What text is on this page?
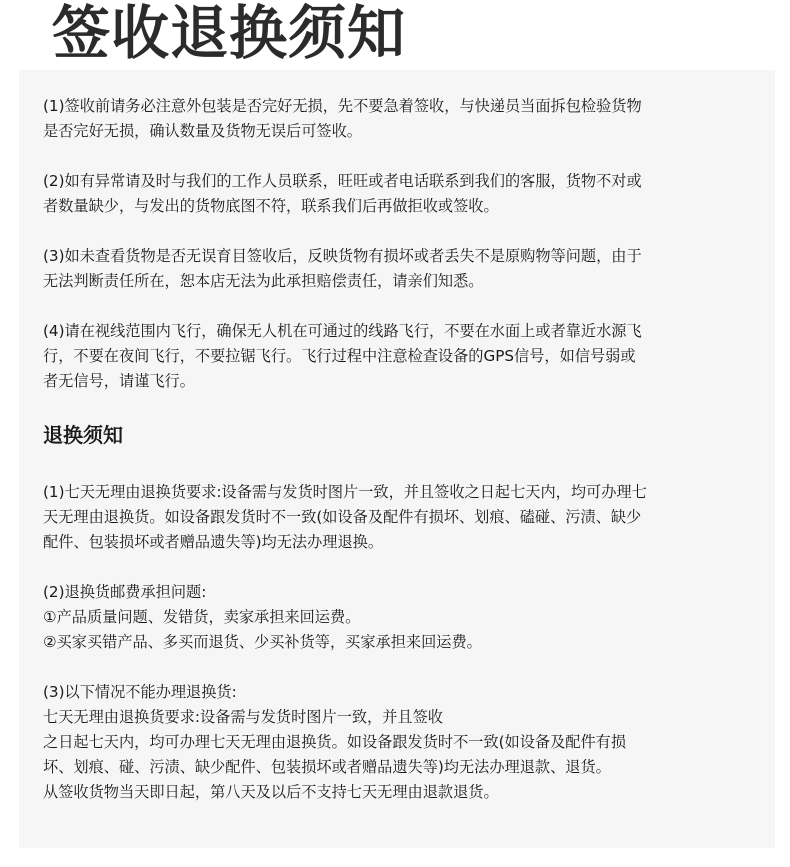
签收退换须知
(1)签收前请务必注意外包装是否完好无损，先不要急着签收，与快递员当面拆包检验货物
是否完好无损，确认数量及货物无误后可签收。
(2)如有异常请及时与我们的工作人员联系，旺旺或者电话联系到我们的客服，货物不对或
者数量缺少，与发出的货物底图不符，联系我们后再做拒收或签收。
(3)如未查看货物是否无误育目签收后，反映货物有损坏或者丢失不是原购物等问题，由于
无法判断责任所在，恕本店无法为此承担赔偿责任，请亲们知悉。
(4)请在视线范围内飞行，确保无人机在可通过的线路飞行，不要在水面上或者靠近水源飞
行，不要在夜间飞行，不要拉锯飞行。飞行过程中注意检查设备的GPS信号，如信号弱或
者无信号，请谨飞行。
退换须知
(1)七天无理由退换货要求:设备需与发货时图片一致，并且签收之日起七天内，均可办理七
天无理由退换货。如设备跟发货时不一致(如设备及配件有损坏、划痕、磕碰、污渍、缺少
配件、包装损坏或者赠品遗失等)均无法办理退换。
(2)退换货邮费承担问题:
①产品质量问题、发错货，卖家承担来回运费。
②买家买错产品、多买而退货、少买补货等，买家承担来回运费。
(3)以下情况不能办理退换货:
七天无理由退换货要求:设备需与发货时图片一致，并且签收
之日起七天内，均可办理七天无理由退换货。如设备跟发货时不一致(如设备及配件有损
坏、划痕、碰、污渍、缺少配件、包装损坏或者赠品遗失等)均无法办理退款、退货。
从签收货物当天即日起，第八天及以后不支持七天无理由退款退货。
